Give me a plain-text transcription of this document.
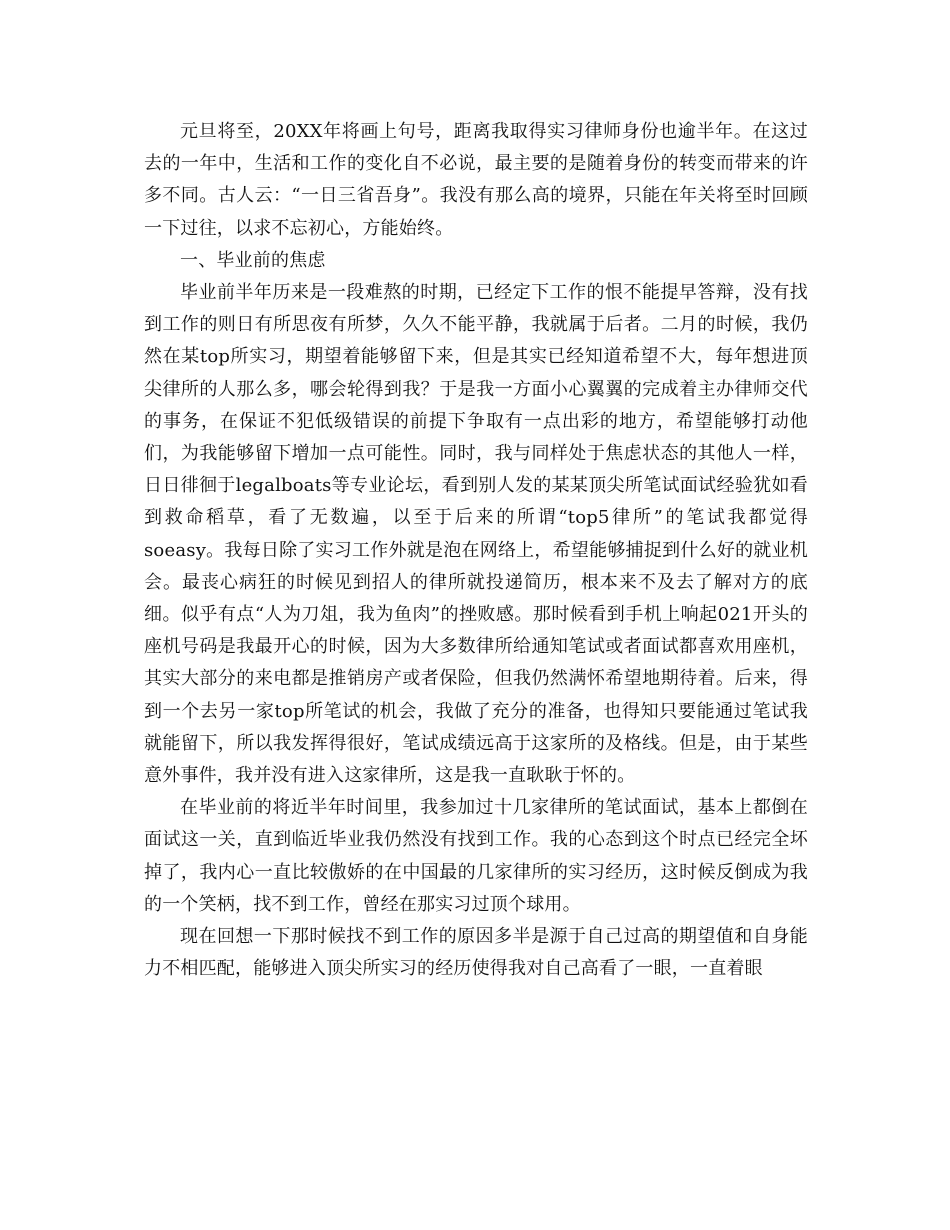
元旦将至，20XX年将画上句号，距离我取得实习律师身份也逾半年。在这过去的一年中，生活和工作的变化自不必说，最主要的是随着身份的转变而带来的许多不同。古人云：“一日三省吾身”。我没有那么高的境界，只能在年关将至时回顾一下过往，以求不忘初心，方能始终。

一、毕业前的焦虑

毕业前半年历来是一段难熬的时期，已经定下工作的恨不能提早答辩，没有找到工作的则日有所思夜有所梦，久久不能平静，我就属于后者。二月的时候，我仍然在某top所实习，期望着能够留下来，但是其实已经知道希望不大，每年想进顶尖律所的人那么多，哪会轮得到我？于是我一方面小心翼翼的完成着主办律师交代的事务，在保证不犯低级错误的前提下争取有一点出彩的地方，希望能够打动他们，为我能够留下增加一点可能性。同时，我与同样处于焦虑状态的其他人一样，日日徘徊于legalboats等专业论坛，看到别人发的某某顶尖所笔试面试经验犹如看到救命稻草，看了无数遍，以至于后来的所谓“top5律所”的笔试我都觉得soeasy。我每日除了实习工作外就是泡在网络上，希望能够捕捉到什么好的就业机会。最丧心病狂的时候见到招人的律所就投递简历，根本来不及去了解对方的底细。似乎有点“人为刀俎，我为鱼肉”的挫败感。那时候看到手机上响起021开头的座机号码是我最开心的时候，因为大多数律所给通知笔试或者面试都喜欢用座机，其实大部分的来电都是推销房产或者保险，但我仍然满怀希望地期待着。后来，得到一个去另一家top所笔试的机会，我做了充分的准备，也得知只要能通过笔试我就能留下，所以我发挥得很好，笔试成绩远高于这家所的及格线。但是，由于某些意外事件，我并没有进入这家律所，这是我一直耿耿于怀的。

在毕业前的将近半年时间里，我参加过十几家律所的笔试面试，基本上都倒在面试这一关，直到临近毕业我仍然没有找到工作。我的心态到这个时点已经完全坏掉了，我内心一直比较傲娇的在中国最的几家律所的实习经历，这时候反倒成为我的一个笑柄，找不到工作，曾经在那实习过顶个球用。

现在回想一下那时候找不到工作的原因多半是源于自己过高的期望值和自身能力不相匹配，能够进入顶尖所实习的经历使得我对自己高看了一眼，一直着眼
